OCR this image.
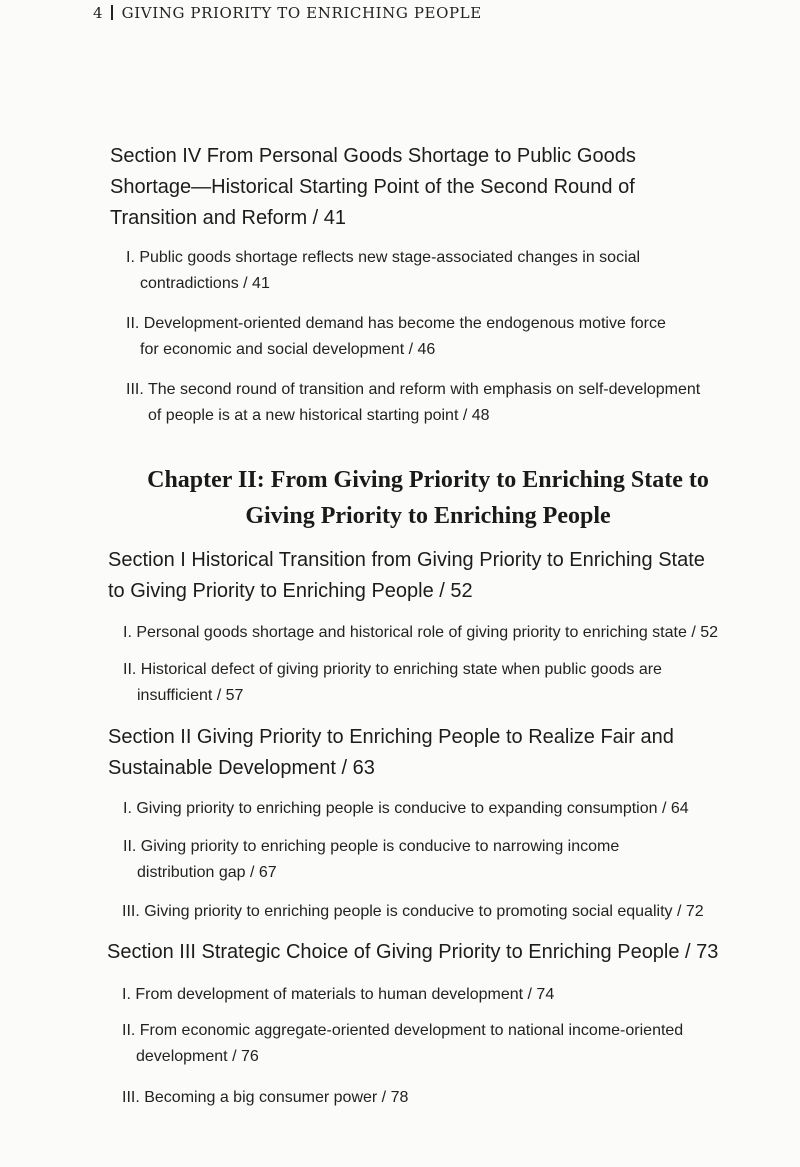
4 GIVING PRIORITY TO ENRICHING PEOPLE
Section IV From Personal Goods Shortage to Public Goods
Shortage—Historical Starting Point of the Second Round of
Transition and Reform / 41
I. Public goods shortage reflects new stage-associated changes in social
contradictions / 41
II. Development-oriented demand has become the endogenous motive force
for economic and social development / 46
III. The second round of transition and reform with emphasis on self-development
of people is at a new historical starting point / 48
Chapter II: From Giving Priority to Enriching State to
Giving Priority to Enriching People
Section I Historical Transition from Giving Priority to Enriching State
to Giving Priority to Enriching People / 52
I. Personal goods shortage and historical role of giving priority to enriching state / 52
II. Historical defect of giving priority to enriching state when public goods are
insufficient / 57
Section II Giving Priority to Enriching People to Realize Fair and
Sustainable Development / 63
I. Giving priority to enriching people is conducive to expanding consumption / 64
II. Giving priority to enriching people is conducive to narrowing income
distribution gap / 67
III. Giving priority to enriching people is conducive to promoting social equality / 72
Section III Strategic Choice of Giving Priority to Enriching People / 73
I. From development of materials to human development / 74
II. From economic aggregate-oriented development to national income-oriented
development / 76
III. Becoming a big consumer power / 78
